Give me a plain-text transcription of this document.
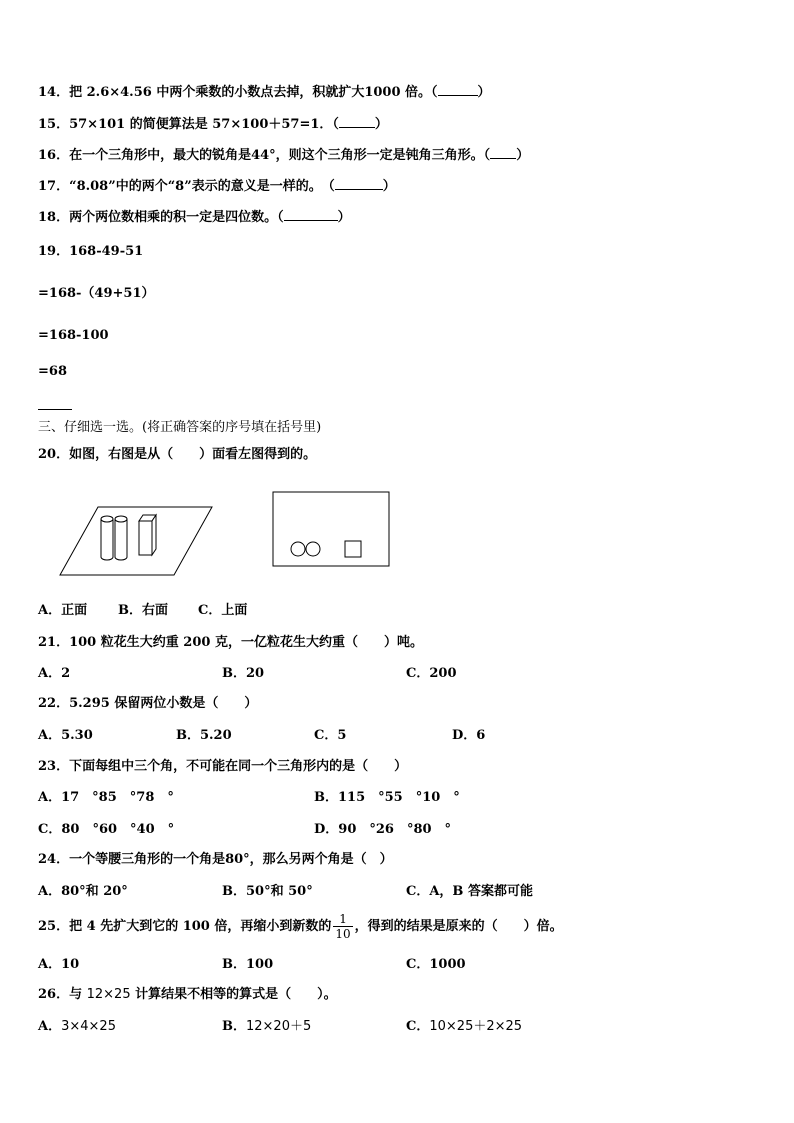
14．把 2.6×4.56 中两个乘数的小数点去掉，积就扩大1000 倍。（	）
15．57×101 的简便算法是 57×100＋57=1．（	）
16．在一个三角形中，最大的锐角是44°，则这个三角形一定是钝角三角形。（ ）
17．“8.08”中的两个“8”表示的意义是一样的。　（	）
18．两个两位数相乘的积一定是四位数。（	）
19．168-49-51
=168-（49+51）
=168-100
=68
三、仔细选一选。(将正确答案的序号填在括号里)
20．如图，右图是从（　　）面看左图得到的。
A．正面 B．右面 C．上面
21．100 粒花生大约重 200 克，一亿粒花生大约重（　　）吨。
A．2	B．20	C．200
22．5.295 保留两位小数是（　　）
A．5.30	B．5.20	C．5	D．6
23．下面每组中三个角，不可能在同一个三角形内的是（　　）
A．17　°85　°78　°	B．115　°55　°10　°
C．80　°60　°40　°	D．90　°26　°80　°
24．一个等腰三角形的一个角是80°，那么另两个角是（　）
A．80°和 20°	B．50°和 50°	C．A，B 答案都可能
25．把 4 先扩大到它的 100 倍，再缩小到新数的 $\frac{1}{10}$ ，得到的结果是原来的（　　）倍。
A．10	B．100	C．1000
26．与 12×25 计算结果不相等的算式是（　　）。
A．3×4×25	B．12×20＋5	C．10×25＋2×25
